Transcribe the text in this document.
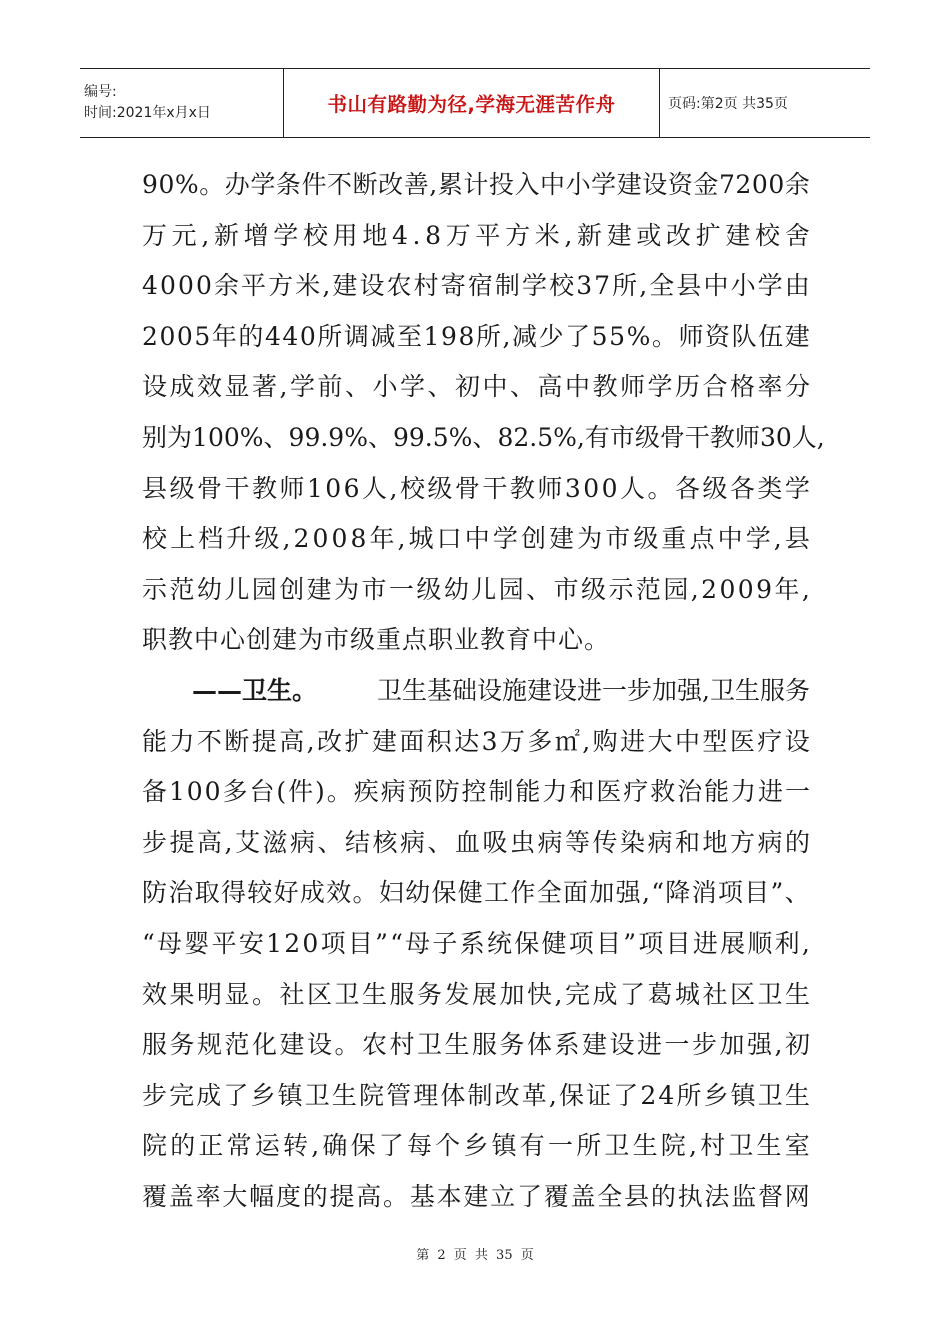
编号:
时间:2021年x月x日	书山有路勤为径,学海无涯苦作舟	页码:第2页 共35页
9 0 % 。 办 学 条 件 不 断 改 善 , 累 计 投 入 中 小 学 建 设 资 金 7 2 0 0 余
万 元 , 新 增 学 校 用 地 4 . 8 万 平 方 米 , 新 建 或 改 扩 建 校 舍
4 0 0 0 余 平 方 米 , 建 设 农 村 寄 宿 制 学 校 3 7 所 , 全 县 中 小 学 由
2 0 0 5 年 的 4 4 0 所 调 减 至 1 9 8 所 , 减 少 了 5 5 % 。 师 资 队 伍 建
设 成 效 显 著 , 学 前 、 小 学 、 初 中 、 高 中 教 师 学 历 合 格 率 分
别 为 1 0 0 % 、 9 9 . 9 % 、 9 9 . 5 % 、 8 2 . 5 % , 有 市 级 骨 干 教 师 3 0 人 ,
县 级 骨 干 教 师 1 0 6 人 , 校 级 骨 干 教 师 3 0 0 人 。 各 级 各 类 学
校 上 档 升 级 , 2 0 0 8 年 , 城 口 中 学 创 建 为 市 级 重 点 中 学 , 县
示 范 幼 儿 园 创 建 为 市 一 级 幼 儿 园 、 市 级 示 范 园 , 2 0 0 9 年 ,
职教中心创建为市级重点职业教育中心。
——卫生。 卫生基础设施建设进一步加强,卫生服务
能 力 不 断 提 高 , 改 扩 建 面 积 达 3 万 多 ㎡ , 购 进 大 中 型 医 疗 设
备 1 0 0 多 台 ( 件 ) 。 疾 病 预 防 控 制 能 力 和 医 疗 救 治 能 力 进 一
步 提 高 , 艾 滋 病 、 结 核 病 、 血 吸 虫 病 等 传 染 病 和 地 方 病 的
防 治 取 得 较 好 成 效 。 妇 幼 保 健 工 作 全 面 加 强 , “ 降 消 项 目 ” 、
“ 母 婴 平 安 1 2 0 项 目 ” “ 母 子 系 统 保 健 项 目 ” 项 目 进 展 顺 利 ,
效 果 明 显 。 社 区 卫 生 服 务 发 展 加 快 , 完 成 了 葛 城 社 区 卫 生
服 务 规 范 化 建 设 。 农 村 卫 生 服 务 体 系 建 设 进 一 步 加 强 , 初
步 完 成 了 乡 镇 卫 生 院 管 理 体 制 改 革 , 保 证 了 2 4 所 乡 镇 卫 生
院 的 正 常 运 转 , 确 保 了 每 个 乡 镇 有 一 所 卫 生 院 , 村 卫 生 室
覆 盖 率 大 幅 度 的 提 高 。 基 本 建 立 了 覆 盖 全 县 的 执 法 监 督 网
第 2 页 共 35 页
